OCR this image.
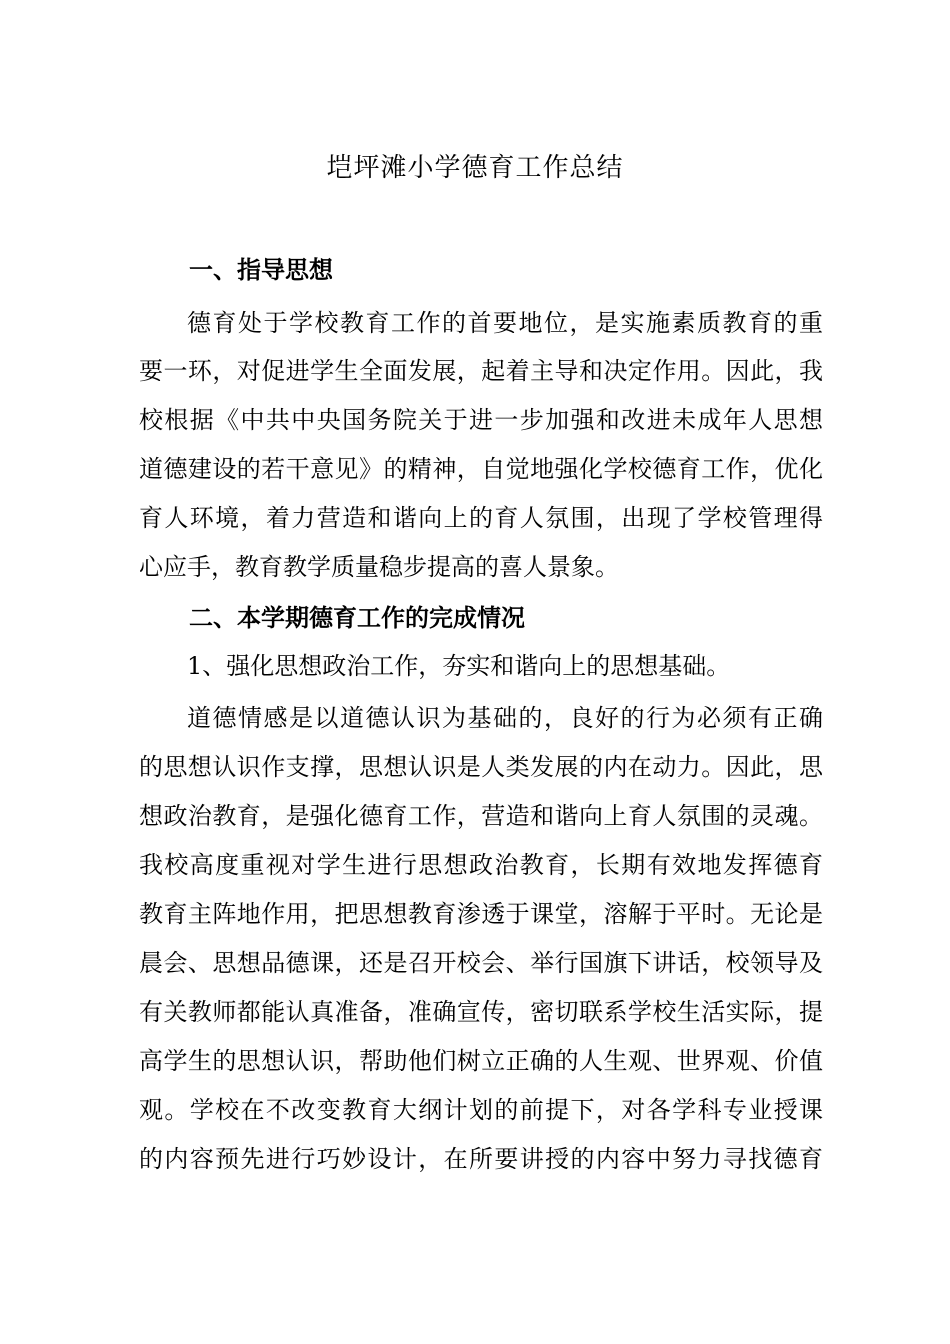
垲坪滩小学德育工作总结
一、指导思想
德育处于学校教育工作的首要地位，是实施素质教育的重
要一环，对促进学生全面发展，起着主导和决定作用。因此，我
校根据《中共中央国务院关于进一步加强和改进未成年人思想
道德建设的若干意见》的精神，自觉地强化学校德育工作，优化
育人环境，着力营造和谐向上的育人氛围，出现了学校管理得
心应手，教育教学质量稳步提高的喜人景象。
二、本学期德育工作的完成情况
1、强化思想政治工作，夯实和谐向上的思想基础。
道德情感是以道德认识为基础的，良好的行为必须有正确
的思想认识作支撑，思想认识是人类发展的内在动力。因此，思
想政治教育，是强化德育工作，营造和谐向上育人氛围的灵魂。
我校高度重视对学生进行思想政治教育，长期有效地发挥德育
教育主阵地作用，把思想教育渗透于课堂，溶解于平时。无论是
晨会、思想品德课，还是召开校会、举行国旗下讲话，校领导及
有关教师都能认真准备，准确宣传，密切联系学校生活实际，提
高学生的思想认识，帮助他们树立正确的人生观、世界观、价值
观。学校在不改变教育大纲计划的前提下，对各学科专业授课
的内容预先进行巧妙设计，在所要讲授的内容中努力寻找德育
